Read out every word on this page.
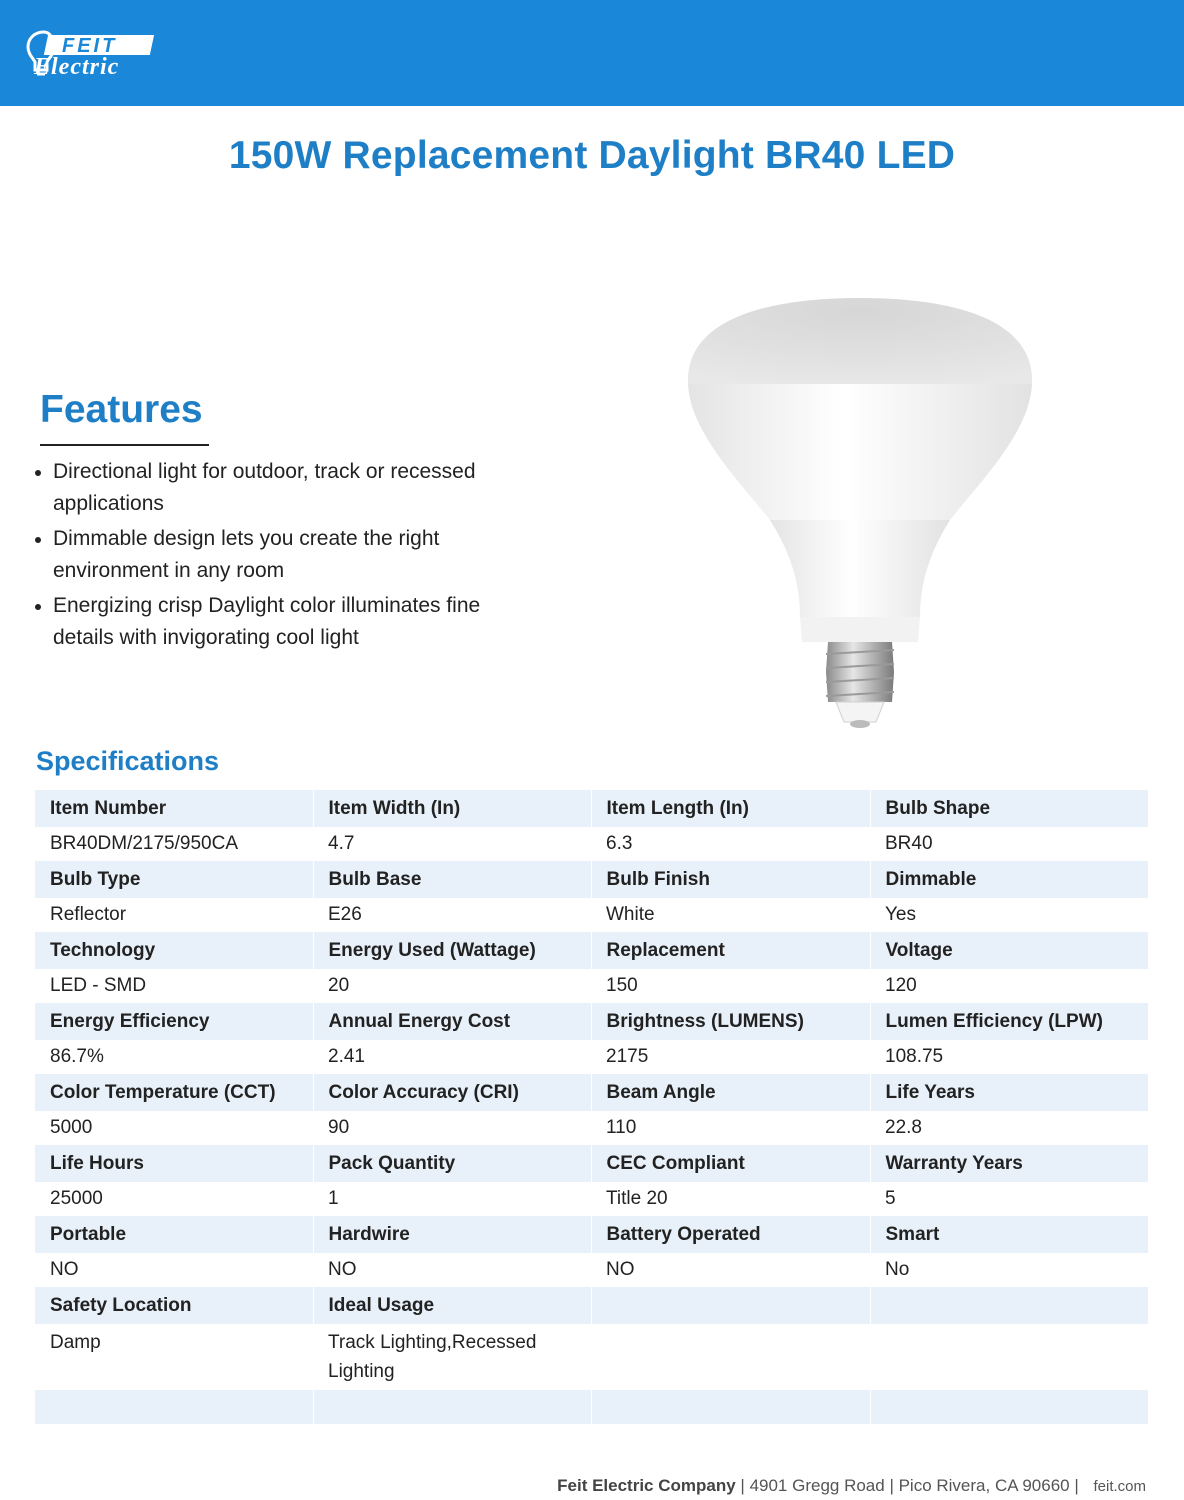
FEIT
Electric
150W Replacement Daylight BR40 LED
Features
Directional light for outdoor, track or recessed applications
Dimmable design lets you create the right environment in any room
Energizing crisp Daylight color illuminates fine details with invigorating cool light
Specifications
Item Number	Item Width (In)	Item Length (In)	Bulb Shape
BR40DM/2175/950CA	4.7	6.3	BR40
Bulb Type	Bulb Base	Bulb Finish	Dimmable
Reflector	E26	White	Yes
Technology	Energy Used (Wattage)	Replacement	Voltage
LED - SMD	20	150	120
Energy Efficiency	Annual Energy Cost	Brightness (LUMENS)	Lumen Efficiency (LPW)
86.7%	2.41	2175	108.75
Color Temperature (CCT)	Color Accuracy (CRI)	Beam Angle	Life Years
5000	90	110	22.8
Life Hours	Pack Quantity	CEC Compliant	Warranty Years
25000	1	Title 20	5
Portable	Hardwire	Battery Operated	Smart
NO	NO	NO	No
Safety Location	Ideal Usage		
Damp	Track Lighting,Recessed Lighting		

Feit Electric Company | 4901 Gregg Road | Pico Rivera, CA 90660 | feit.com
